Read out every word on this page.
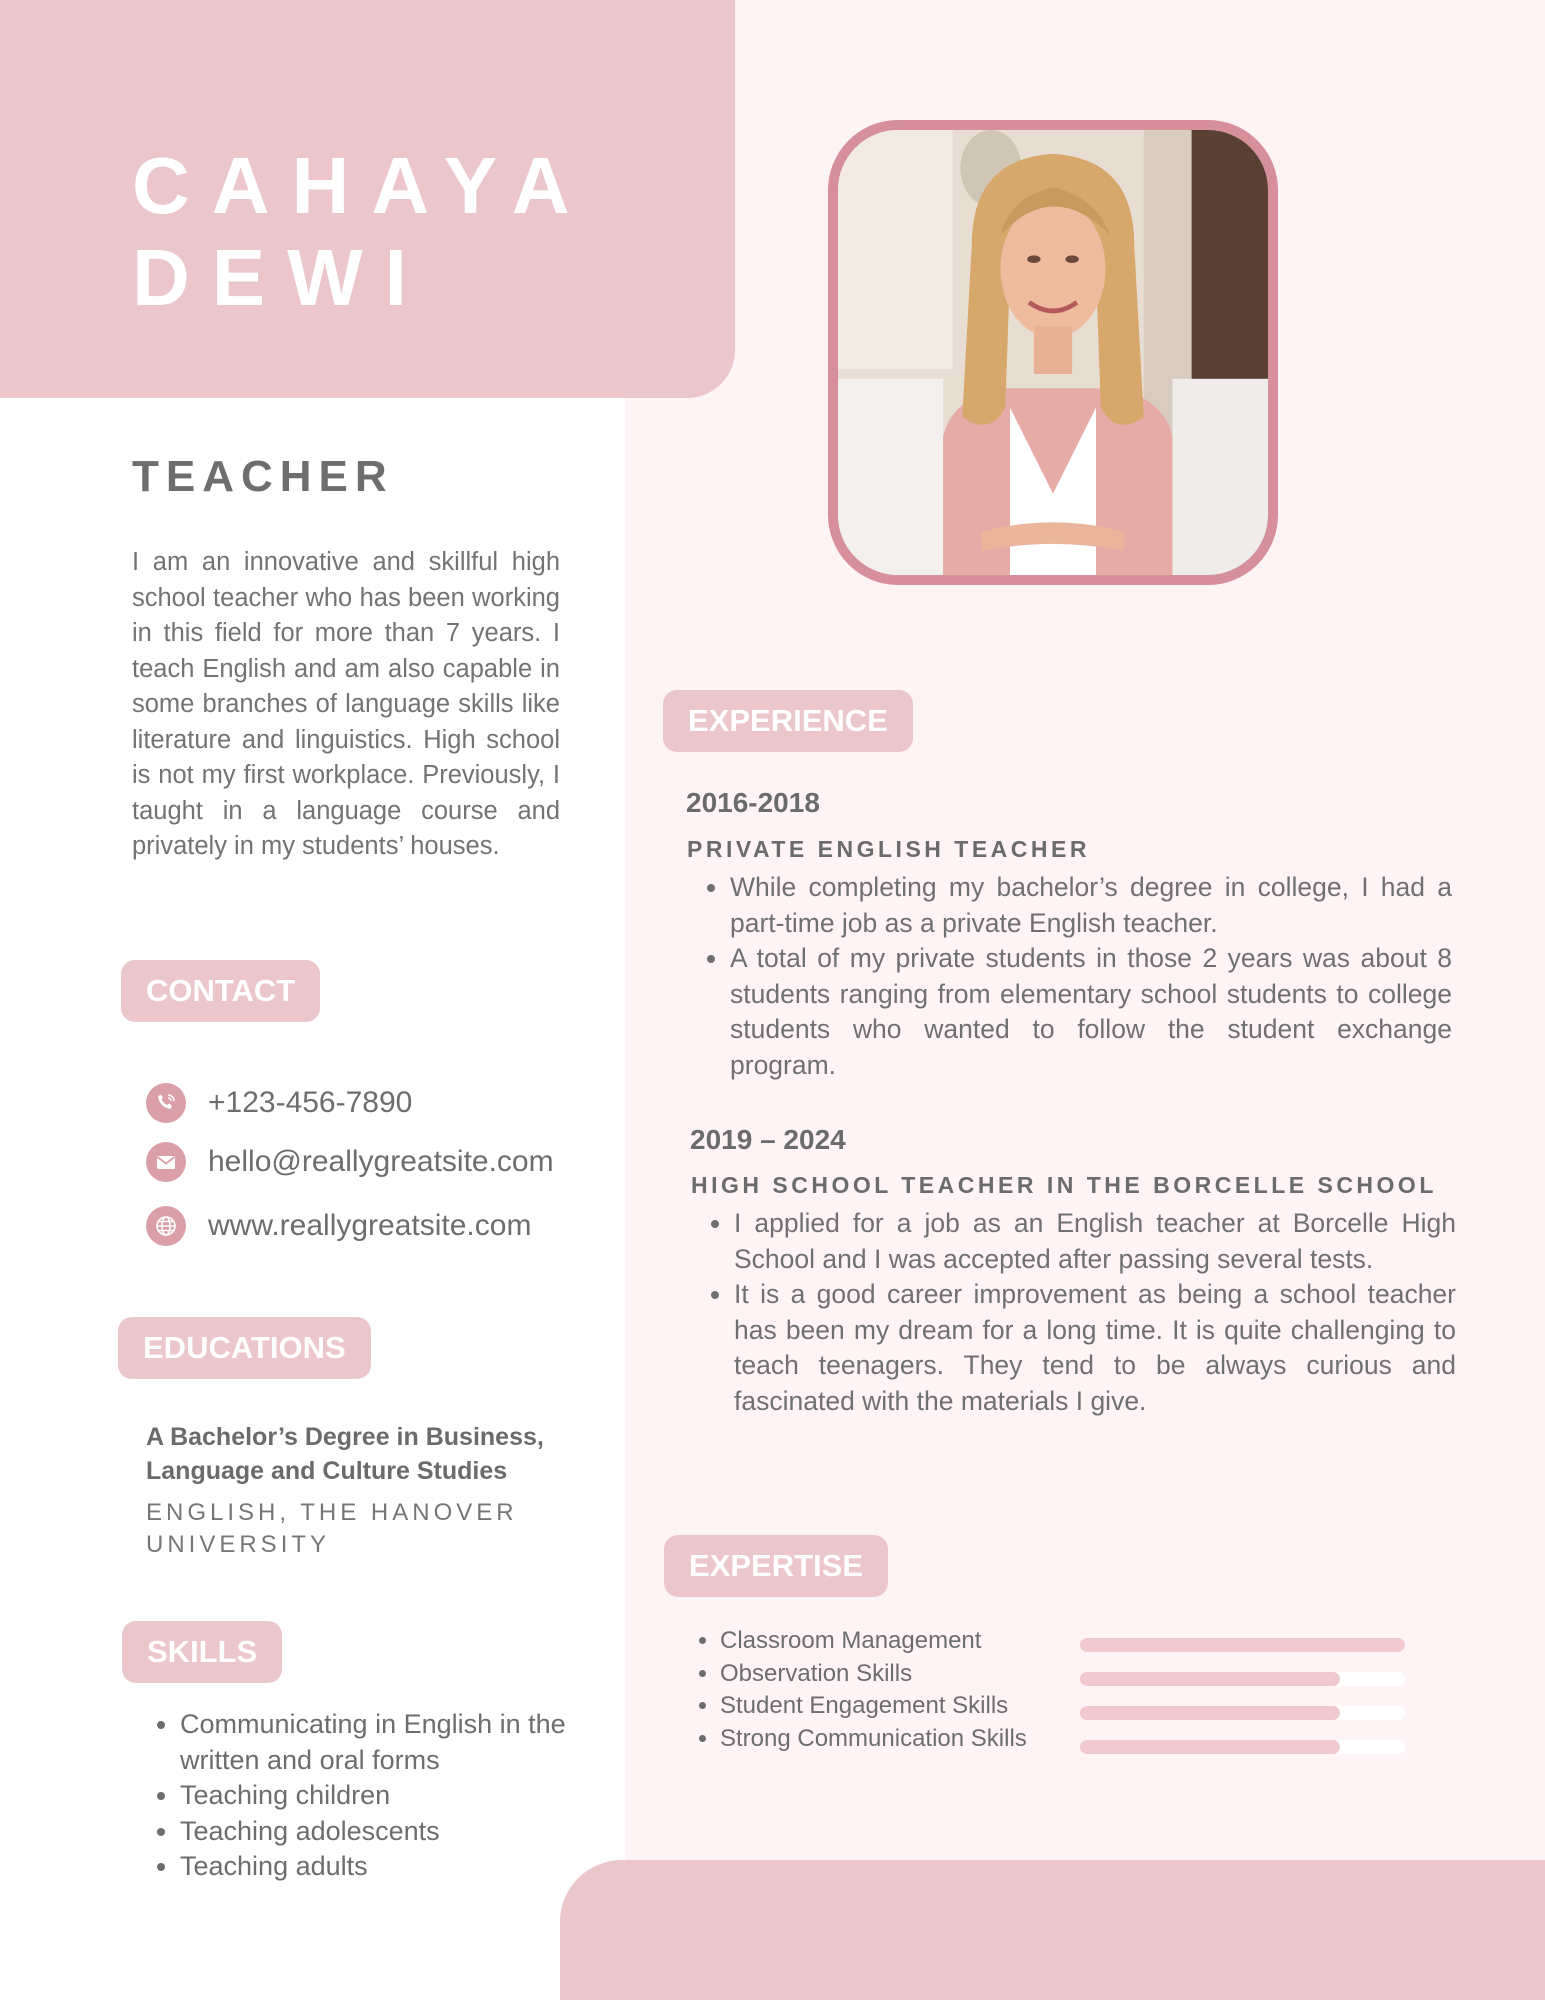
CAHAYA
DEWI
TEACHER

I am an innovative and skillful high school teacher who has been working in this field for more than 7 years. I teach English and am also capable in some branches of language skills like literature and linguistics. High school is not my first workplace. Previously, I taught in a language course and privately in my students’ houses.

CONTACT
+123-456-7890
hello@reallygreatsite.com
www.reallygreatsite.com
EDUCATIONS

A Bachelor’s Degree in Business, Language and Culture Studies

ENGLISH, THE HANOVER UNIVERSITY

SKILLS
• Communicating in English in the written and oral forms
• Teaching children
• Teaching adolescents
• Teaching adults
EXPERIENCE

2016-2018

PRIVATE ENGLISH TEACHER

• While completing my bachelor’s degree in college, I had a part-time job as a private English teacher.
• A total of my private students in those 2 years was about 8 students ranging from elementary school students to college students who wanted to follow the student exchange program.

2019 – 2024

HIGH SCHOOL TEACHER IN THE BORCELLE SCHOOL

• I applied for a job as an English teacher at Borcelle High School and I was accepted after passing several tests.
• It is a good career improvement as being a school teacher has been my dream for a long time. It is quite challenging to teach teenagers. They tend to be always curious and fascinated with the materials I give.
EXPERTISE
• Classroom Management
• Observation Skills
• Student Engagement Skills
• Strong Communication Skills
